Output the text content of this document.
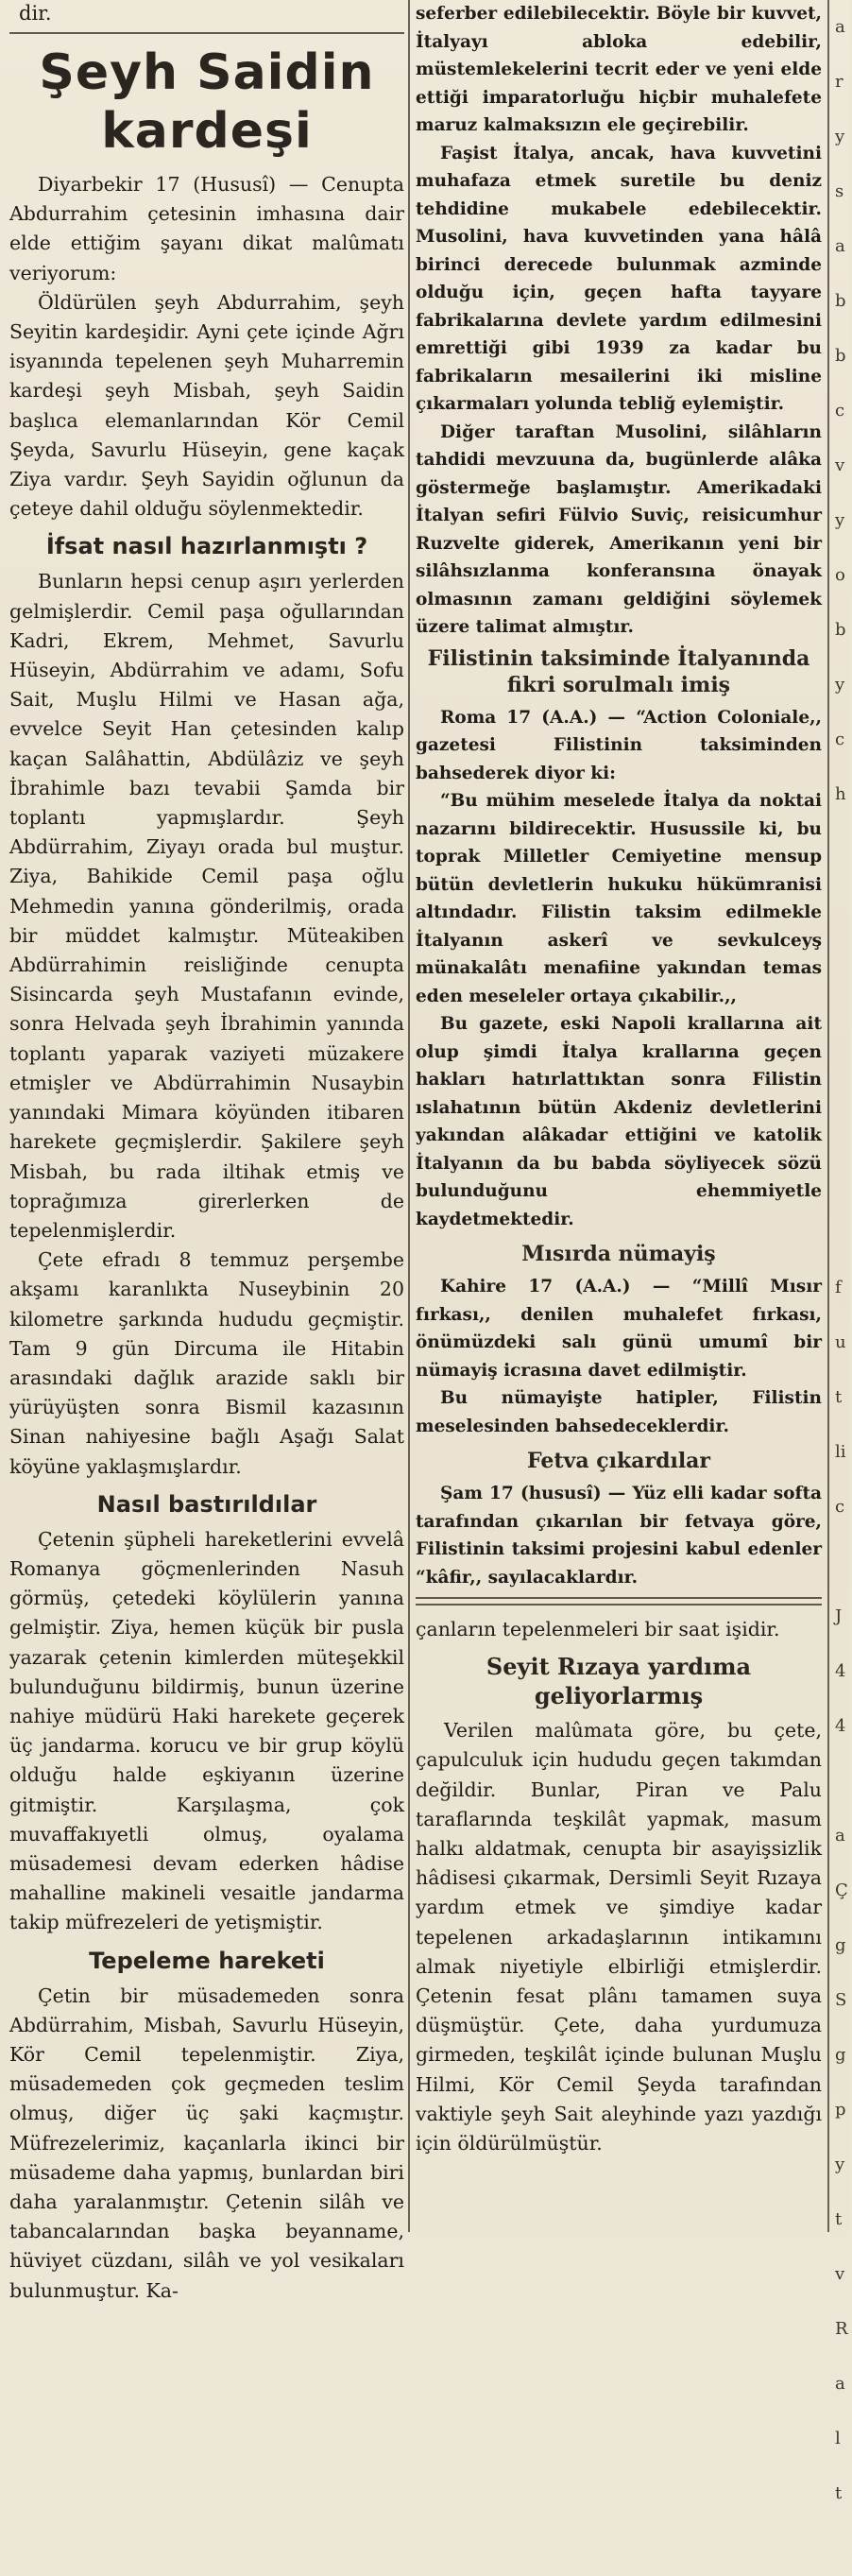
dir.
Şeyh Saidin kardeşi

Diyarbekir 17 (Hususî) — Cenupta Abdurrahim çetesinin imhasına dair elde ettiğim şayanı dikat malûmatı veriyorum:

Öldürülen şeyh Abdurrahim, şeyh Seyitin kardeşidir. Ayni çete içinde Ağrı isyanında tepelenen şeyh Muharremin kardeşi şeyh Misbah, şeyh Saidin başlıca elemanlarından Kör Cemil Şeyda, Savurlu Hüseyin, gene kaçak Ziya vardır. Şeyh Sayidin oğlunun da çeteye dahil olduğu söylenmektedir.

İfsat nasıl hazırlanmıştı ?

Bunların hepsi cenup aşırı yerlerden gelmişlerdir. Cemil paşa oğullarından Kadri, Ekrem, Mehmet, Savurlu Hüseyin, Abdürrahim ve adamı, Sofu Sait, Muşlu Hilmi ve Hasan ağa, evvelce Seyit Han çetesinden kalıp kaçan Salâhattin, Abdülâziz ve şeyh İbrahimle bazı tevabii Şamda bir toplantı yapmışlardır. Şeyh Abdürrahim, Ziyayı orada bul muştur. Ziya, Bahikide Cemil paşa oğlu Mehmedin yanına gönderilmiş, orada bir müddet kalmıştır. Müteakiben Abdürrahimin reisliğinde cenupta Sisincarda şeyh Mustafanın evinde, sonra Helvada şeyh İbrahimin yanında toplantı yaparak vaziyeti müzakere etmişler ve Abdürrahimin Nusaybin yanındaki Mimara köyünden itibaren harekete geçmişlerdir. Şakilere şeyh Misbah, bu rada iltihak etmiş ve toprağımıza girerlerken de tepelenmişlerdir.

Çete efradı 8 temmuz perşembe akşamı karanlıkta Nuseybinin 20 kilometre şarkında hududu geçmiştir. Tam 9 gün Dircuma ile Hitabin arasındaki dağlık arazide saklı bir yürüyüşten sonra Bismil kazasının Sinan nahiyesine bağlı Aşağı Salat köyüne yaklaşmışlardır.

Nasıl bastırıldılar

Çetenin şüpheli hareketlerini evvelâ Romanya göçmenlerinden Nasuh görmüş, çetedeki köylülerin yanına gelmiştir. Ziya, hemen küçük bir pusla yazarak çetenin kimlerden müteşekkil bulunduğunu bildirmiş, bunun üzerine nahiye müdürü Haki harekete geçerek üç jandarma. korucu ve bir grup köylü olduğu halde eşkiyanın üzerine gitmiştir. Karşılaşma, çok muvaffakıyetli olmuş, oyalama müsademesi devam ederken hâdise mahalline makineli vesaitle jandarma takip müfrezeleri de yetişmiştir.

Tepeleme hareketi

Çetin bir müsademeden sonra Abdürrahim, Misbah, Savurlu Hüseyin, Kör Cemil tepelenmiştir. Ziya, müsademeden çok geçmeden teslim olmuş, diğer üç şaki kaçmıştır. Müfrezelerimiz, kaçanlarla ikinci bir müsademe daha yapmış, bunlardan biri daha yaralanmıştır. Çetenin silâh ve tabancalarından başka beyanname, hüviyet cüzdanı, silâh ve yol vesikaları bulunmuştur. Ka-

seferber edilebilecektir. Böyle bir kuvvet, İtalyayı abloka edebilir, müstemlekelerini tecrit eder ve yeni elde ettiği imparatorluğu hiçbir muhalefete maruz kalmaksızın ele geçirebilir.

Faşist İtalya, ancak, hava kuvvetini muhafaza etmek suretile bu deniz tehdidine mukabele edebilecektir. Musolini, hava kuvvetinden yana hâlâ birinci derecede bulunmak azminde olduğu için, geçen hafta tayyare fabrikalarına devlete yardım edilmesini emrettiği gibi 1939 za kadar bu fabrikaların mesailerini iki misline çıkarmaları yolunda tebliğ eylemiştir.

Diğer taraftan Musolini, silâhların tahdidi mevzuuna da, bugünlerde alâka göstermeğe başlamıştır. Amerikadaki İtalyan sefiri Fülvio Suviç, reisicumhur Ruzvelte giderek, Amerikanın yeni bir silâhsızlanma konferansına önayak olmasının zamanı geldiğini söylemek üzere talimat almıştır.

Filistinin taksiminde İtalyanında fikri sorulmalı imiş

Roma 17 (A.A.) — “Action Coloniale,, gazetesi Filistinin taksiminden bahsederek diyor ki:

“Bu mühim meselede İtalya da noktai nazarını bildirecektir. Husussile ki, bu toprak Milletler Cemiyetine mensup bütün devletlerin hukuku hükümranisi altındadır. Filistin taksim edilmekle İtalyanın askerî ve sevkulceyş münakalâtı menafiine yakından temas eden meseleler ortaya çıkabilir.,,

Bu gazete, eski Napoli krallarına ait olup şimdi İtalya krallarına geçen hakları hatırlattıktan sonra Filistin ıslahatının bütün Akdeniz devletlerini yakından alâkadar ettiğini ve katolik İtalyanın da bu babda söyliyecek sözü bulunduğunu ehemmiyetle kaydetmektedir.

Mısırda nümayiş

Kahire 17 (A.A.) — “Millî Mısır fırkası,, denilen muhalefet fırkası, önümüzdeki salı günü umumî bir nümayiş icrasına davet edilmiştir.

Bu nümayişte hatipler, Filistin meselesinden bahsedeceklerdir.

Fetva çıkardılar

Şam 17 (hususî) — Yüz elli kadar softa tarafından çıkarılan bir fetvaya göre, Filistinin taksimi projesini kabul edenler “kâfir,, sayılacaklardır.

çanların tepelenmeleri bir saat işidir.

Seyit Rızaya yardıma geliyorlarmış

Verilen malûmata göre, bu çete, çapulculuk için hududu geçen takımdan değildir. Bunlar, Piran ve Palu taraflarında teşkilât yapmak, masum halkı aldatmak, cenupta bir asayişsizlik hâdisesi çıkarmak, Dersimli Seyit Rızaya yardım etmek ve şimdiye kadar tepelenen arkadaşlarının intikamını almak niyetiyle elbirliği etmişlerdir. Çetenin fesat plânı tamamen suya düşmüştür. Çete, daha yurdumuza girmeden, teşkilât içinde bulunan Muşlu Hilmi, Kör Cemil Şeyda tarafından vaktiyle şeyh Sait aleyhinde yazı yazdığı için öldürülmüştür.

a
r
y
s
a
b
b
c
v
y
o
b
y
c
h
f
u
t
li
c
J
4
4
a
Ç
g
S
g
p
y
t
v
R
a
l
t
